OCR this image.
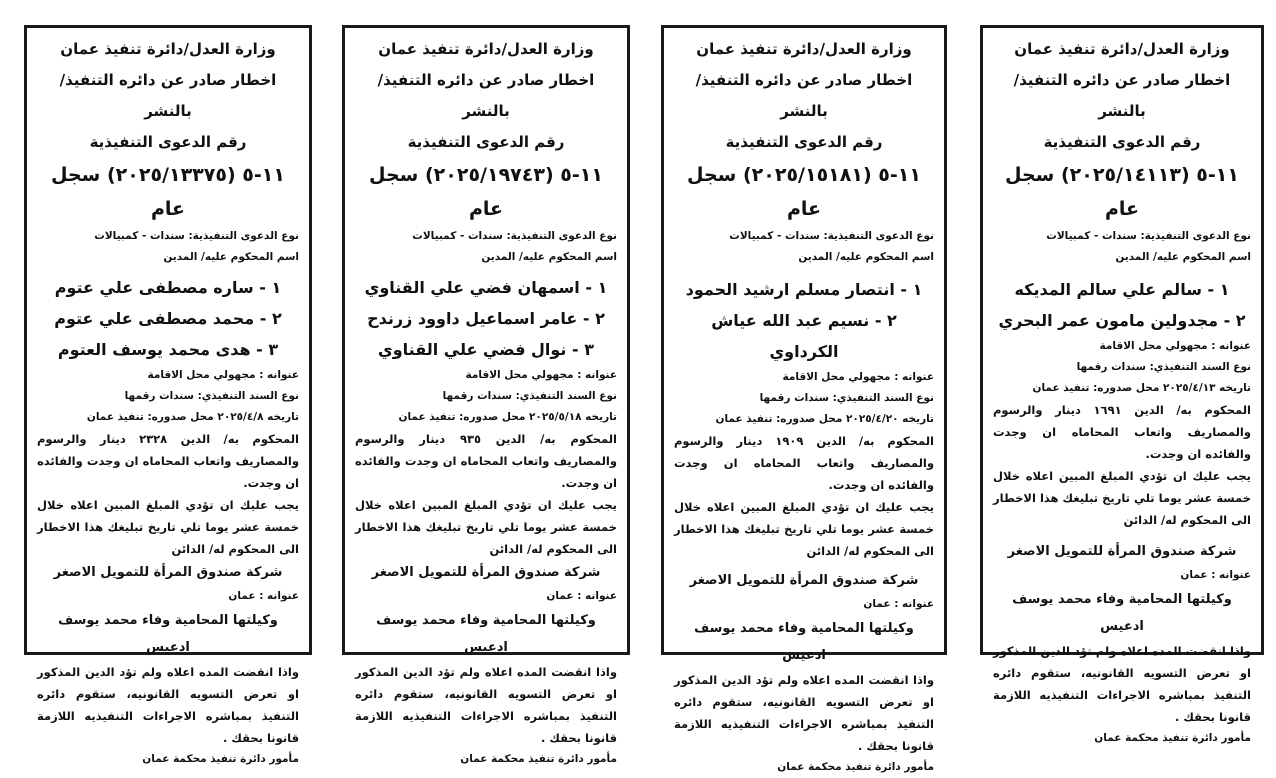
وزارة العدل/دائرة تنفيذ عمان
اخطار صادر عن دائره التنفيذ/ بالنشر
رقم الدعوى التنفيذية
١١-٥ (٢٠٢٥/١٤١١٣) سجل عام
نوع الدعوى التنفيذية: سندات - كمبيالات
اسم المحكوم عليه/ المدين
١ - سالم علي سالم المديكه
٢ - مجدولين مامون عمر البحري
عنوانه : مجهولي محل الاقامة
نوع السند التنفيذي: سندات رقمها
تاريخه ٢٠٢٥/٤/١٣ محل صدوره: تنفيذ عمان
المحكوم به/ الدين ١٦٩١ دينار والرسوم والمصاريف واتعاب المحاماه ان وجدت والفائده ان وجدت.
يجب عليك ان تؤدي المبلغ المبين اعلاه خلال خمسة عشر يوما تلي تاريخ تبليغك هذا الاخطار الى المحكوم له/ الدائن
شركة صندوق المرأة للتمويل الاصغر
عنوانه : عمان
وكيلتها المحامية وفاء محمد يوسف ادعيس
واذا انقضت المده اعلاه ولم تؤد الدين المذكور او تعرض التسويه القانونيه، ستقوم دائره التنفيذ بمباشره الاجراءات التنفيذيه اللازمة قانونا بحقك .
مأمور دائرة تنفيذ محكمة عمان
وزارة العدل/دائرة تنفيذ عمان
اخطار صادر عن دائره التنفيذ/ بالنشر
رقم الدعوى التنفيذية
١١-٥ (٢٠٢٥/١٥١٨١) سجل عام
نوع الدعوى التنفيذية: سندات - كمبيالات
اسم المحكوم عليه/ المدين
١ - انتصار مسلم ارشيد الحمود
٢ - نسيم عبد الله عياش الكرداوي
عنوانه : مجهولي محل الاقامة
نوع السند التنفيذي: سندات رقمها
تاريخه ٢٠٢٥/٤/٢٠ محل صدوره: تنفيذ عمان
المحكوم به/ الدين ١٩٠٩ دينار والرسوم والمصاريف واتعاب المحاماه ان وجدت والفائده ان وجدت.
يجب عليك ان تؤدي المبلغ المبين اعلاه خلال خمسة عشر يوما تلي تاريخ تبليغك هذا الاخطار الى المحكوم له/ الدائن
شركة صندوق المرأة للتمويل الاصغر
عنوانه : عمان
وكيلتها المحامية وفاء محمد يوسف ادعيس
واذا انقضت المده اعلاه ولم تؤد الدين المذكور او تعرض التسويه القانونيه، ستقوم دائره التنفيذ بمباشره الاجراءات التنفيذيه اللازمة قانونا بحقك .
مأمور دائرة تنفيذ محكمة عمان
وزارة العدل/دائرة تنفيذ عمان
اخطار صادر عن دائره التنفيذ/ بالنشر
رقم الدعوى التنفيذية
١١-٥ (٢٠٢٥/١٩٧٤٣) سجل عام
نوع الدعوى التنفيذية: سندات - كمبيالات
اسم المحكوم عليه/ المدين
١ - اسمهان فضي علي القناوي
٢ - عامر اسماعيل داوود زرندح
٣ - نوال فضي علي القناوي
عنوانه : مجهولي محل الاقامة
نوع السند التنفيذي: سندات رقمها
تاريخه ٢٠٢٥/٥/١٨ محل صدوره: تنفيذ عمان
المحكوم به/ الدين ٩٣٥ دينار والرسوم والمصاريف واتعاب المحاماه ان وجدت والفائده ان وجدت.
يجب عليك ان تؤدي المبلغ المبين اعلاه خلال خمسة عشر يوما تلي تاريخ تبليغك هذا الاخطار الى المحكوم له/ الدائن
شركة صندوق المرأة للتمويل الاصغر
عنوانه : عمان
وكيلتها المحامية وفاء محمد يوسف ادعيس
واذا انقضت المده اعلاه ولم تؤد الدين المذكور او تعرض التسويه القانونيه، ستقوم دائره التنفيذ بمباشره الاجراءات التنفيذيه اللازمة قانونا بحقك .
مأمور دائرة تنفيذ محكمة عمان
وزارة العدل/دائرة تنفيذ عمان
اخطار صادر عن دائره التنفيذ/ بالنشر
رقم الدعوى التنفيذية
١١-٥ (٢٠٢٥/١٣٣٧٥) سجل عام
نوع الدعوى التنفيذية: سندات - كمبيالات
اسم المحكوم عليه/ المدين
١ - ساره مصطفى علي عتوم
٢ - محمد مصطفى علي عتوم
٣ - هدى محمد يوسف العتوم
عنوانه : مجهولي محل الاقامة
نوع السند التنفيذي: سندات رقمها
تاريخه ٢٠٢٥/٤/٨ محل صدوره: تنفيذ عمان
المحكوم به/ الدين ٢٣٢٨ دينار والرسوم والمصاريف واتعاب المحاماه ان وجدت والفائده ان وجدت.
يجب عليك ان تؤدي المبلغ المبين اعلاه خلال خمسة عشر يوما تلي تاريخ تبليغك هذا الاخطار الى المحكوم له/ الدائن
شركة صندوق المرأة للتمويل الاصغر
عنوانه : عمان
وكيلتها المحامية وفاء محمد يوسف ادعيس
واذا انقضت المده اعلاه ولم تؤد الدين المذكور او تعرض التسويه القانونيه، ستقوم دائره التنفيذ بمباشره الاجراءات التنفيذيه اللازمة قانونا بحقك .
مأمور دائرة تنفيذ محكمة عمان
